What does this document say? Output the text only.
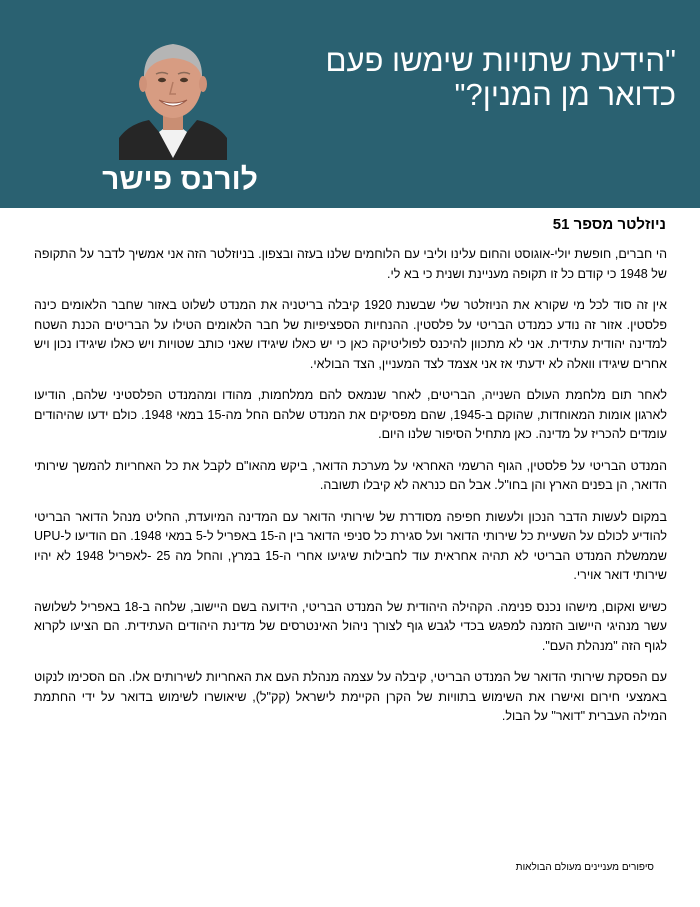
"הידעת שתויות שימשו פעם
כדואר מן המנין?"
לורנס פישר
ניוזלטר מספר 51

הי חברים, חופשת יולי-אוגוסט והחום עלינו וליבי עם הלוחמים שלנו בעזה ובצפון. בניוזלטר הזה אני אמשיך לדבר על התקופה של 1948 כי קודם כל זו תקופה מעניינת ושנית כי בא לי.

אין זה סוד לכל מי שקורא את הניוזלטר שלי שבשנת 1920 קיבלה בריטניה את המנדט לשלוט באזור שחבר הלאומים כינה פלסטין. אזור זה נודע כמנדט הבריטי על פלסטין. ההנחיות הספציפיות של חבר הלאומים הטילו על הבריטים הכנת השטח למדינה יהודית עתידית. אני לא מתכוון להיכנס לפוליטיקה כאן כי יש כאלו שיגידו שאני כותב שטויות ויש כאלו שיגידו נכון ויש אחרים שיגידו וואלה לא ידעתי אז אני אצמד לצד המעניין, הצד הבולאי.

לאחר תום מלחמת העולם השנייה, הבריטים, לאחר שנמאס להם ממלחמות, מהודו ומהמנדט הפלסטיני שלהם, הודיעו לארגון אומות המאוחדות, שהוקם ב-1945, שהם מפסיקים את המנדט שלהם החל מה-15 במאי 1948. כולם ידעו שהיהודים עומדים להכריז על מדינה. כאן מתחיל הסיפור שלנו היום.

המנדט הבריטי על פלסטין, הגוף הרשמי האחראי על מערכת הדואר, ביקש מהאו"ם לקבל את כל האחריות להמשך שירותי הדואר, הן בפנים הארץ והן בחו"ל. אבל הם כנראה לא קיבלו תשובה.

במקום לעשות הדבר הנכון ולעשות חפיפה מסודרת של שירותי הדואר עם המדינה המיועדת, החליט מנהל הדואר הבריטי להודיע לכולם על השעיית כל שירותי הדואר ועל סגירת כל סניפי הדואר בין ה-15 באפריל ל-5 במאי 1948. הם הודיעו ל-UPU שממשלת המנדט הבריטי לא תהיה אחראית עוד לחבילות שיגיעו אחרי ה-15 במרץ, והחל מה 25 -לאפריל 1948 לא יהיו שירותי דואר אוירי.

כשיש ואקום, מישהו נכנס פנימה. הקהילה היהודית של המנדט הבריטי, הידועה בשם היישוב, שלחה ב-18 באפריל לשלושה עשר מנהיגי היישוב הזמנה למפגש בכדי לגבש גוף לצורך ניהול האינטרסים של מדינת היהודים העתידית. הם הציעו לקרוא לגוף הזה "מנהלת העם".

עם הפסקת שירותי הדואר של המנדט הבריטי, קיבלה על עצמה מנהלת העם את האחריות לשירותים אלו. הם הסכימו לנקוט באמצעי חירום ואישרו את השימוש בתוויות של הקרן הקיימת לישראל (קק"ל), שיאושרו לשימוש בדואר על ידי החתמת המילה העברית "דואר" על הבול.

סיפורים מעניינים מעולם הבולאות
